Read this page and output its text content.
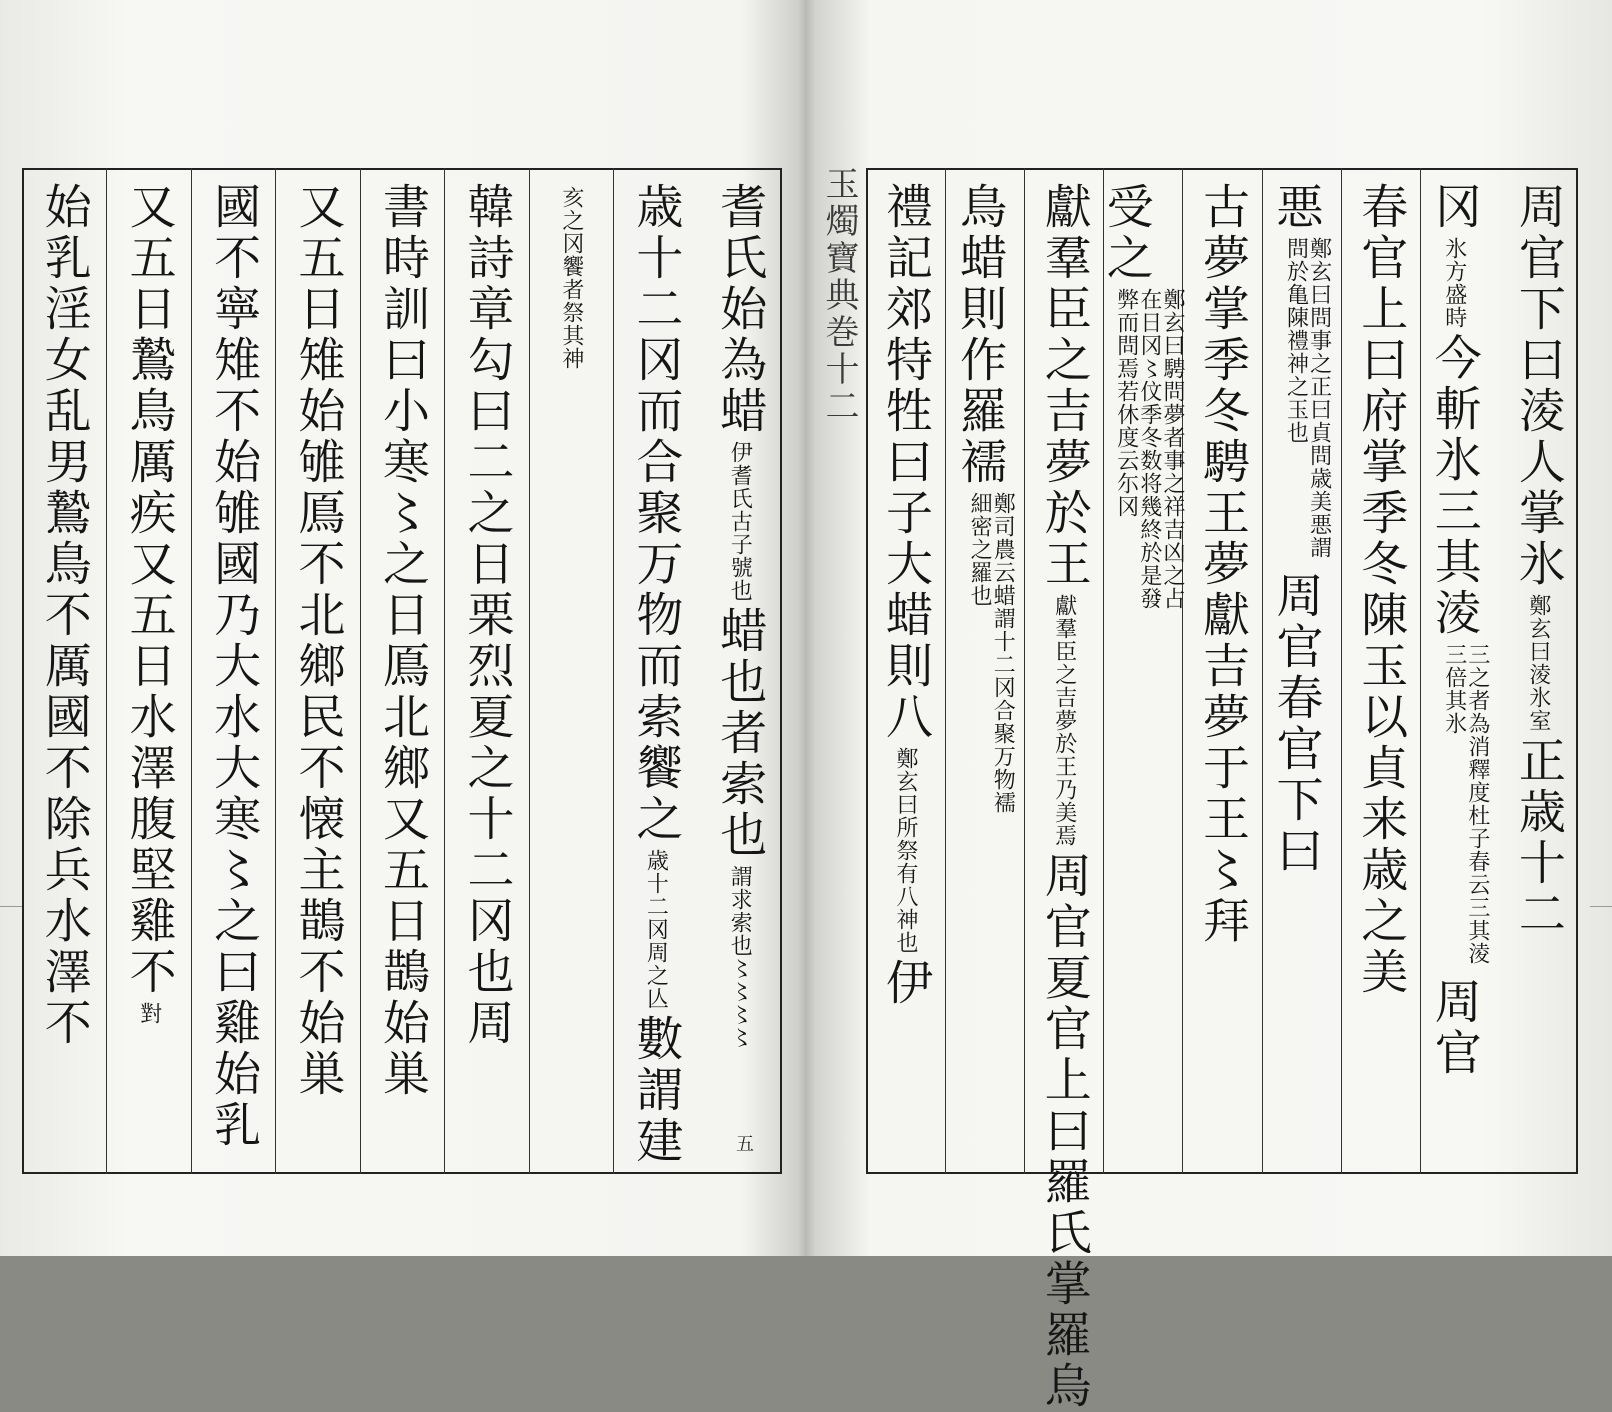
玉燭寶典巻十二	周官下曰淩人掌氷鄭玄曰淩氷室正歳十二
冈氷方盛時今斬氷三其淩三之者為消釋度杜子春云三其淩三倍其氷周官
春官上曰府掌季冬陳玉以貞来歳之美
悪鄭玄曰問事之正曰貞問歳美悪謂問於亀陳禮神之玉也周官春官下曰
古夢掌季冬騁王夢獻吉夢于王〻拜
受之鄭玄曰騁問夢者事之祥吉凶之占在日冈〻伩季冬数将幾終於是發弊而問焉若休度云尓冈
獻羣臣之吉夢於王獻羣臣之吉夢於王乃美焉周官夏官上曰羅氏掌羅烏
鳥蜡則作羅襦鄭司農云蜡謂十二冈合聚万物襦細密之羅也
禮記郊特牲曰子大蜡則八鄭玄曰所祭有八神也伊
耆氏始為蜡伊耆氏古子號也蜡也者索也謂求索也〻〻〻〻
歳十二冈而合聚万物而索饗之歳十二冈周之亾數謂建
亥之冈饗者祭其神
韓詩章勾曰二之日栗烈夏之十二冈也周
書時訓曰小寒〻之日鳫北鄉又五日鵲始巣
又五日雉始雊鳫不北鄉民不懐主鵲不始巣
國不寧雉不始雊國乃大水大寒〻之曰雞始乳
又五日鷙鳥厲疾又五日水澤腹堅雞不對
始乳淫女乱男鷙鳥不厲國不除兵水澤不
五
